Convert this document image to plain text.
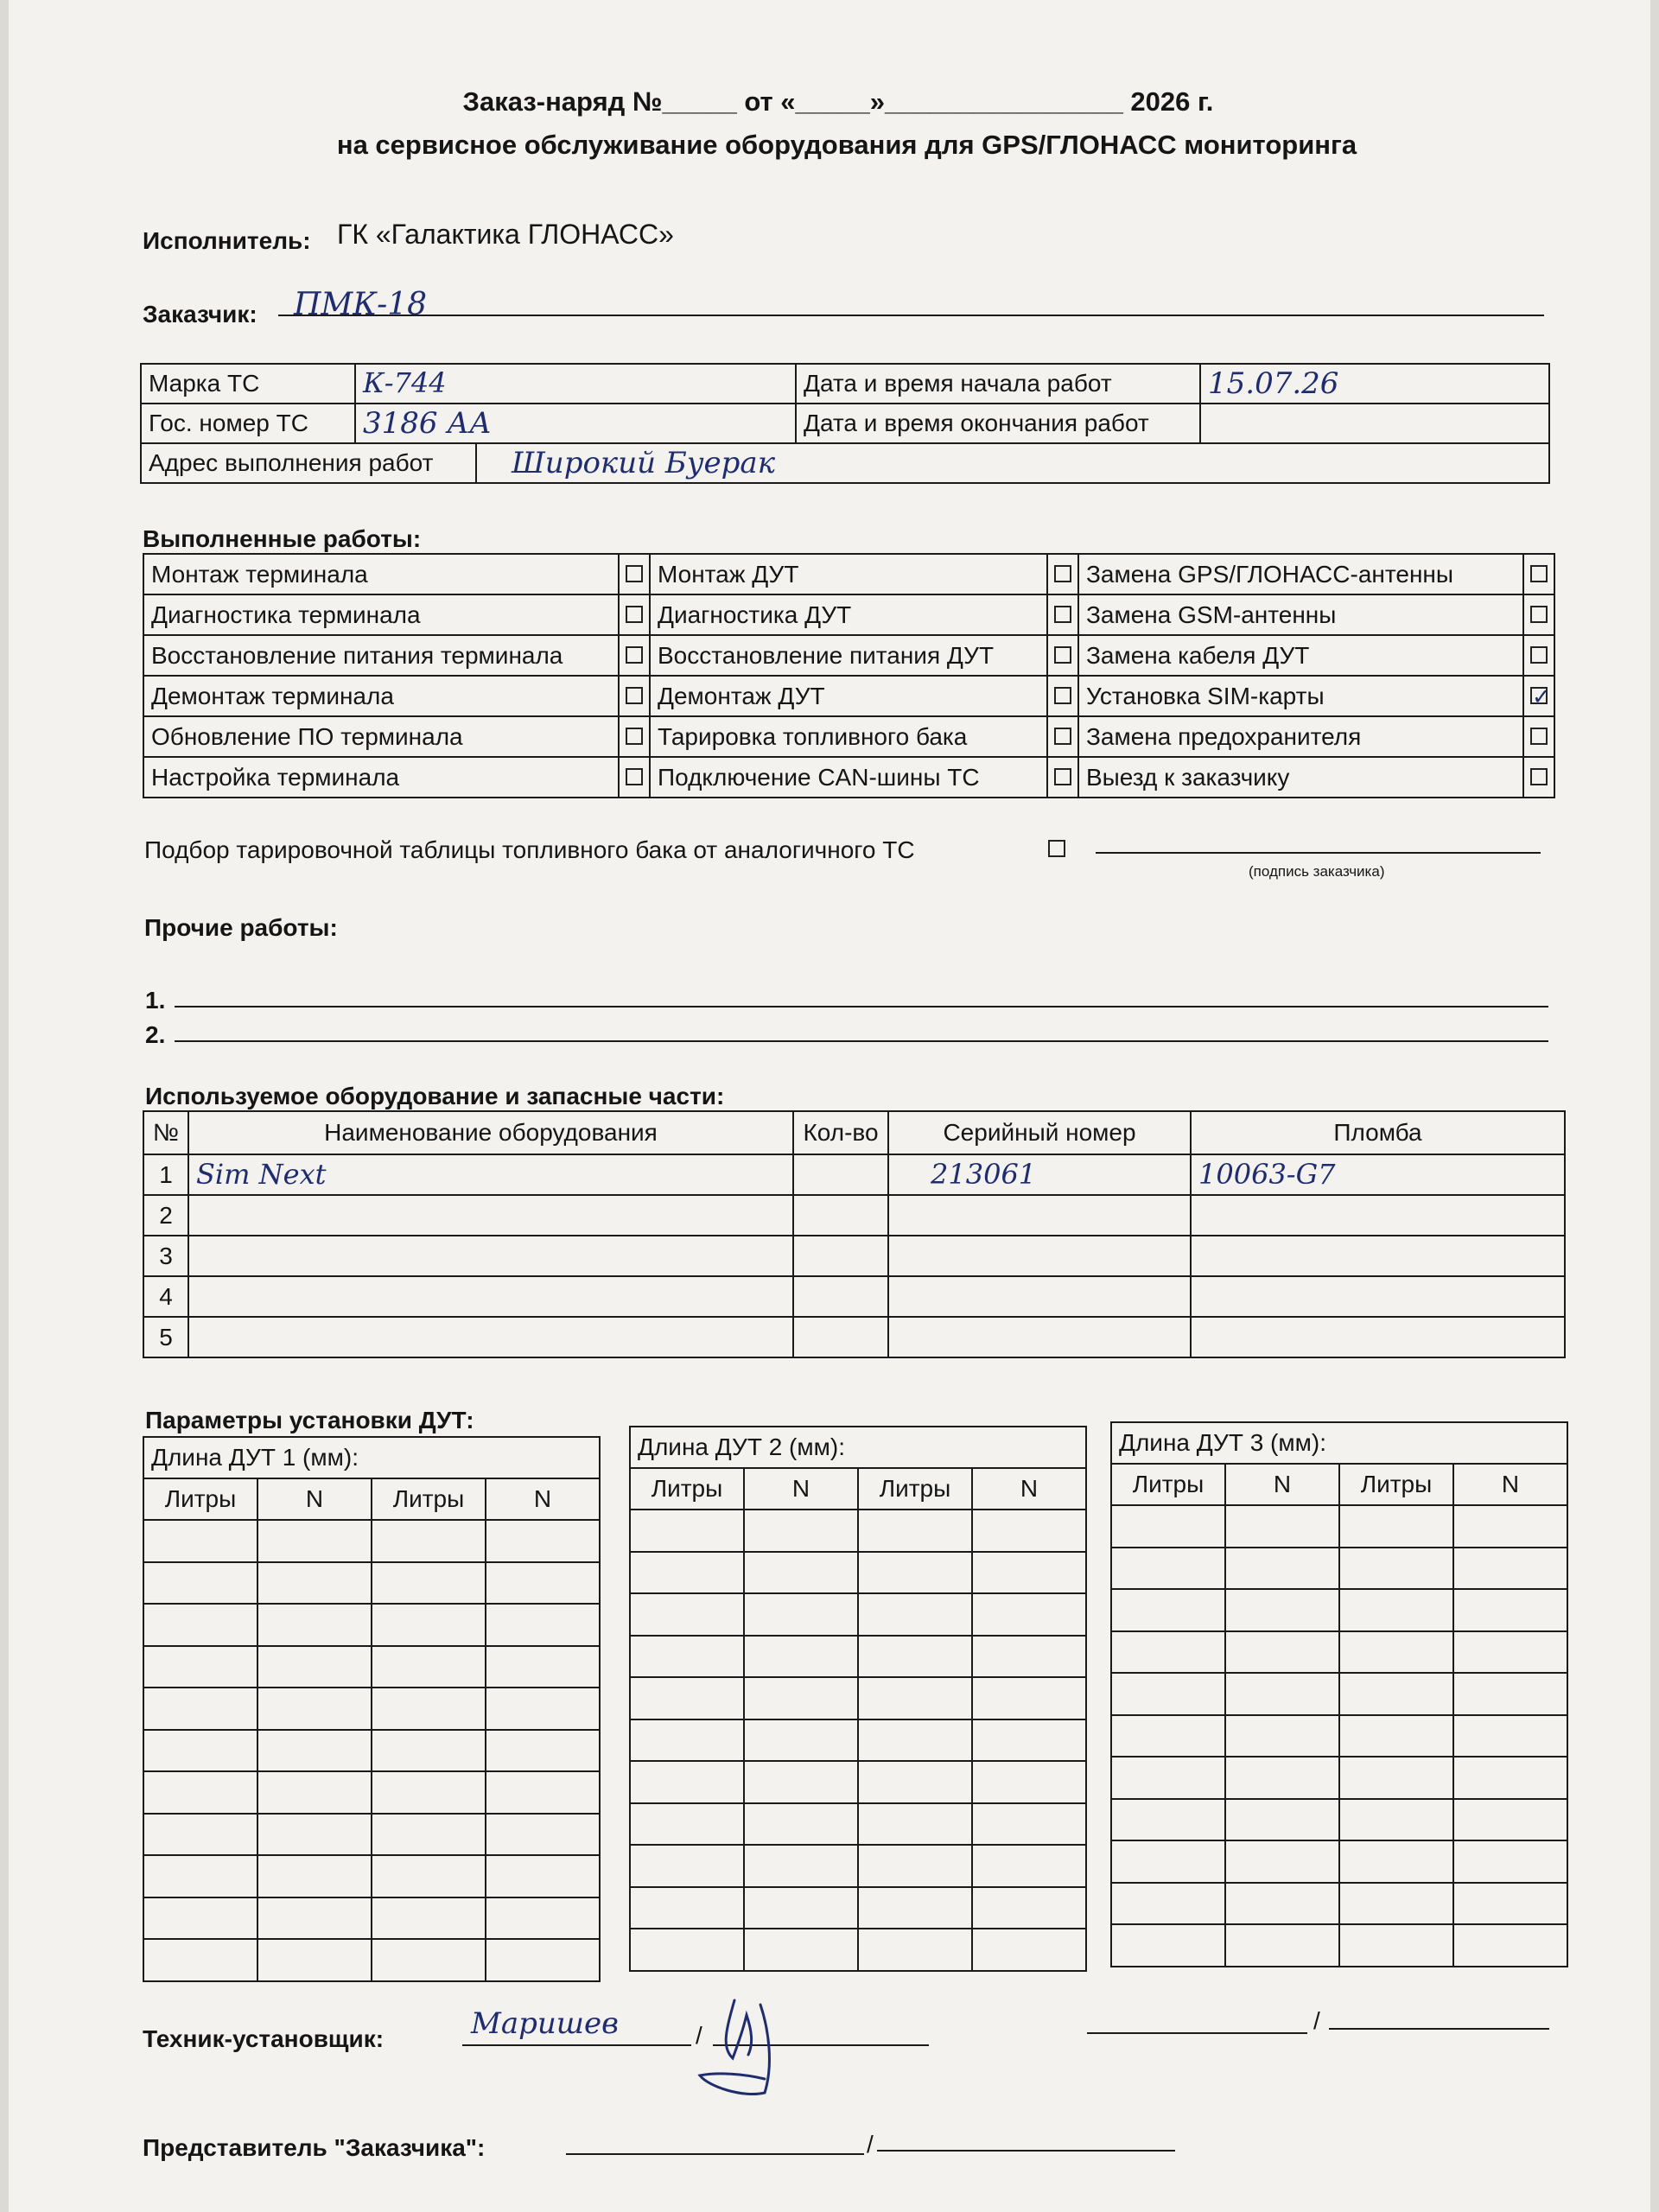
Заказ-наряд №_____ от «_____»________________ 2026 г.
на сервисное обслуживание оборудования для GPS/ГЛОНАСС мониторинга
Исполнитель: ГК «Галактика ГЛОНАСС»
Заказчик: ПМК-18
Марка ТС	К-744	Дата и время начала работ	15.07.26
Гос. номер ТС	3186 АА	Дата и время окончания работ	

Адрес выполнения работ Широкий Буерак			
Выполненные работы:
Монтаж терминала		Монтаж ДУТ		Замена GPS/ГЛОНАСС-антенны	
Диагностика терминала		Диагностика ДУТ		Замена GSM-антенны	
Восстановление питания терминала		Восстановление питания ДУТ		Замена кабеля ДУТ	
Демонтаж терминала		Демонтаж ДУТ		Установка SIM-карты	✓

Обновление ПО терминала		Тарировка топливного бака		Замена предохранителя	
Настройка терминала		Подключение CAN-шины ТС		Выезд к заказчику	
Подбор тарировочной таблицы топливного бака от аналогичного ТС
(подпись заказчика)
Прочие работы:
1.
2.
Используемое оборудование и запасные части:
№	Наименование оборудования	Кол-во	Серийный номер	Пломба
1	Sim Next		213061	10063-G7
2				
3				
4				
5				
Параметры установки ДУТ:
Длина ДУТ 1 (мм):			
Литры	N	Литры	N

Длина ДУТ 2 (мм):			
Литры	N	Литры	N

Длина ДУТ 3 (мм):			
Литры	N	Литры	N

Техник-установщик:	Маришев	/
/
Представитель "Заказчика":	/
